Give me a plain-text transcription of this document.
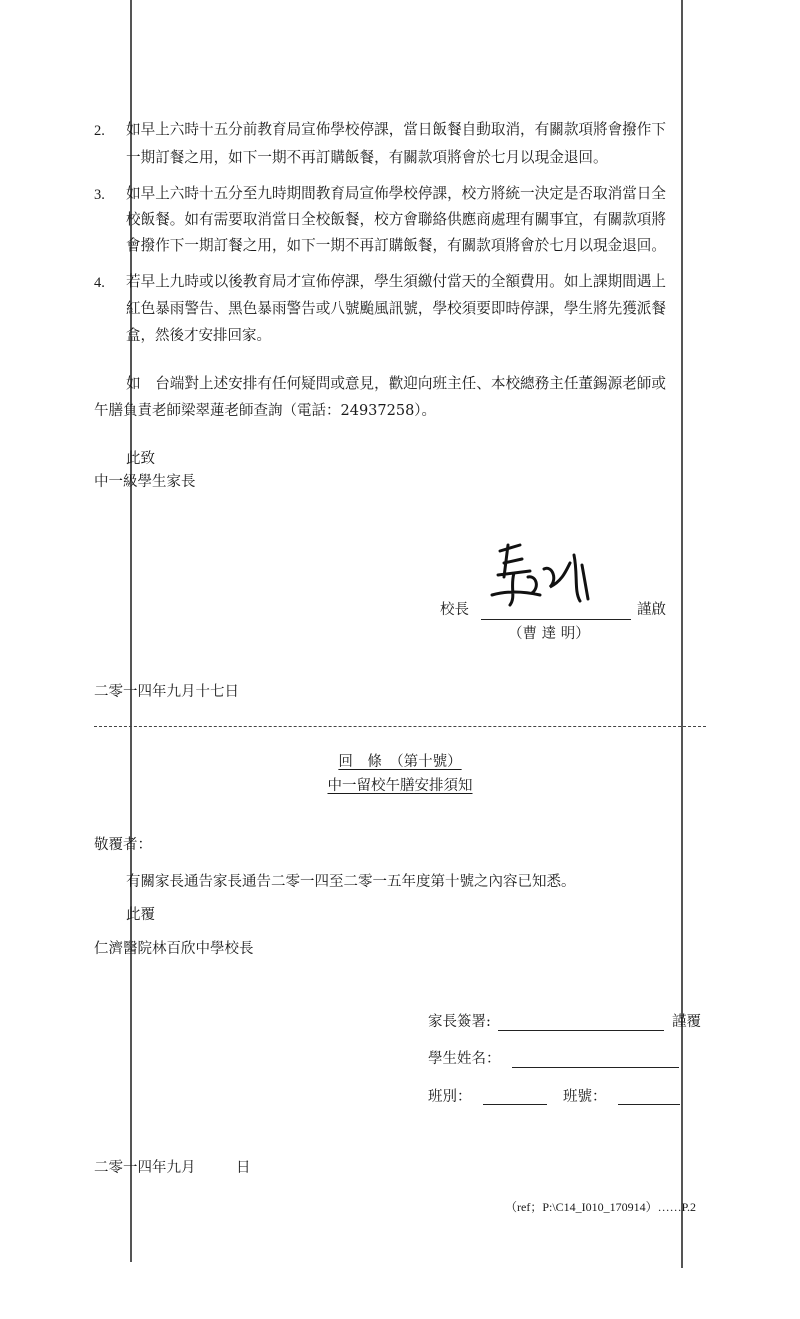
2. 如早上六時十五分前教育局宣佈學校停課，當日飯餐自動取消，有關款項將會撥作下
一期訂餐之用，如下一期不再訂購飯餐，有關款項將會於七月以現金退回。
3. 如早上六時十五分至九時期間教育局宣佈學校停課，校方將統一決定是否取消當日全
校飯餐。如有需要取消當日全校飯餐，校方會聯絡供應商處理有關事宜，有關款項將
會撥作下一期訂餐之用，如下一期不再訂購飯餐，有關款項將會於七月以現金退回。
4. 若早上九時或以後教育局才宣佈停課，學生須繳付當天的全額費用。如上課期間遇上
紅色暴雨警告、黑色暴雨警告或八號颱風訊號，學校須要即時停課，學生將先獲派餐
盒，然後才安排回家。
如　台端對上述安排有任何疑問或意見，歡迎向班主任、本校總務主任董錫源老師或
午膳負責老師梁翠蓮老師查詢（電話：24937258）。
此致
中一級學生家長
校長	謹啟
（曹 達 明）
二零一四年九月十七日
回　條　（第十號）
中一留校午膳安排須知
敬覆者：
有關家長通告家長通告二零一四至二零一五年度第十號之內容已知悉。
此覆
仁濟醫院林百欣中學校長
家長簽署:	謹覆
學生姓名：
班別：	班號：
二零一四年九月	日
（ref；P:\C14_I010_170914）……P.2
